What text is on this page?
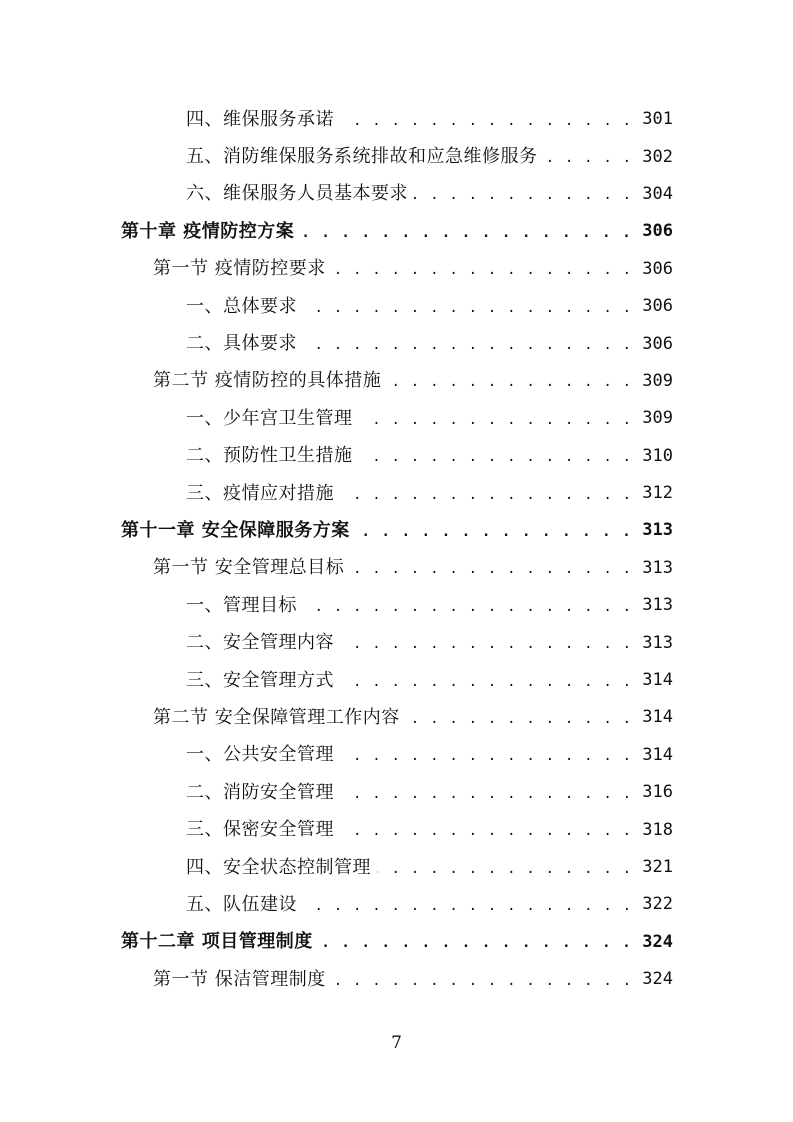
四、维保服务承诺 . . .	301
五、消防维保服务系统排故和应急维修服务 . . .	302
六、维保服务人员基本要求 . . .	304
第十章 疫情防控方案 . . .	306
第一节 疫情防控要求 . . .	306
一、总体要求 . . .	306
二、具体要求 . . .	306
第二节 疫情防控的具体措施 . . .	309
一、少年宫卫生管理 . . .	309
二、预防性卫生措施 . . .	310
三、疫情应对措施 . . .	312
第十一章 安全保障服务方案 . . .	313
第一节 安全管理总目标 . . .	313
一、管理目标 . . .	313
二、安全管理内容 . . .	313
三、安全管理方式 . . .	314
第二节 安全保障管理工作内容 . . .	314
一、公共安全管理 . . .	314
二、消防安全管理 . . .	316
三、保密安全管理 . . .	318
四、安全状态控制管理 . . .	321
五、队伍建设 . . .	322
第十二章 项目管理制度 . . .	324
第一节 保洁管理制度 . . .	324
7
